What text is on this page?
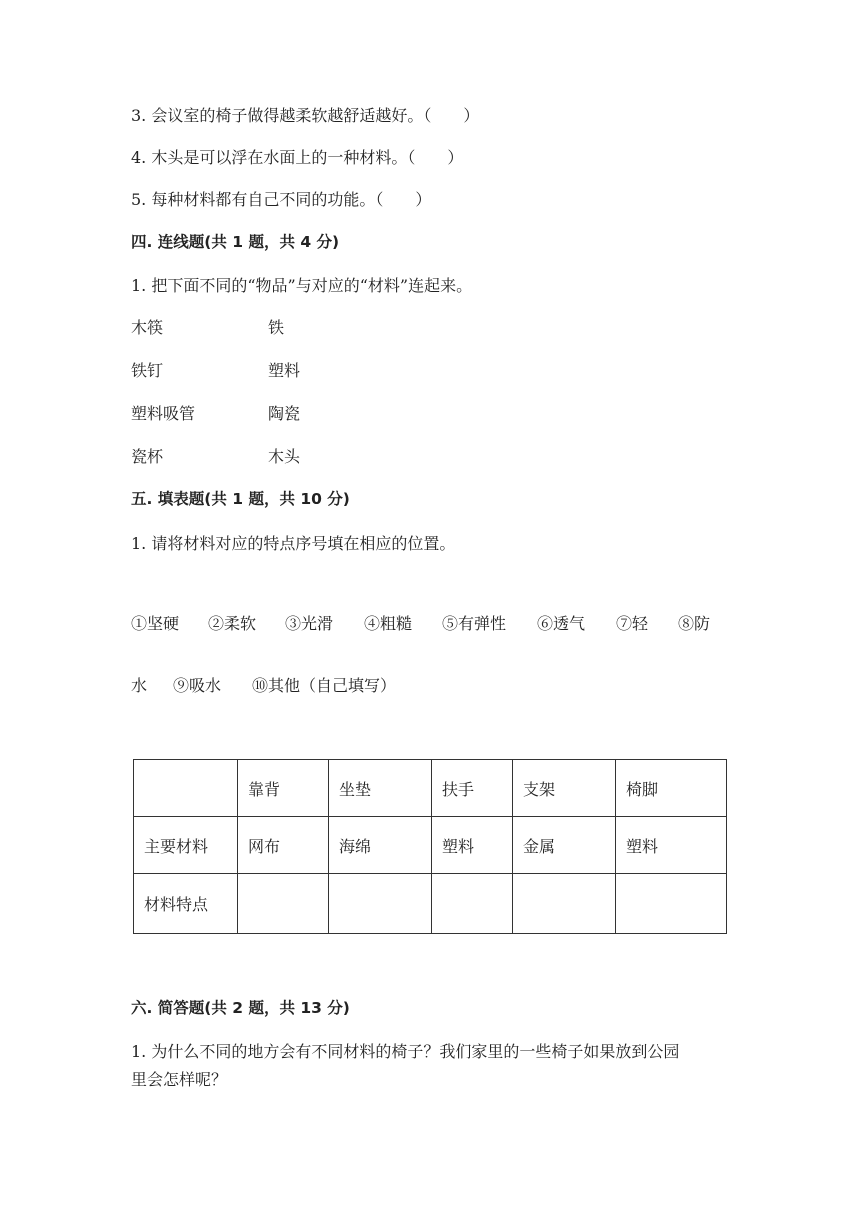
3. 会议室的椅子做得越柔软越舒适越好。（　　）
4. 木头是可以浮在水面上的一种材料。（　　）
5. 每种材料都有自己不同的功能。（　　）
四. 连线题(共 1 题，共 4 分)
1. 把下面不同的“物品”与对应的“材料”连起来。
木筷	铁
铁钉	塑料
塑料吸管	陶瓷
瓷杯	木头
五. 填表题(共 1 题，共 10 分)
1. 请将材料对应的特点序号填在相应的位置。
①坚硬 ②柔软 ③光滑 ④粗糙 ⑤有弹性 ⑥透气 ⑦轻 ⑧防
水 ⑨吸水 ⑩其他（自己填写）
	靠背	坐垫	扶手	支架	椅脚
主要材料	网布	海绵	塑料	金属	塑料
材料特点					
六. 简答题(共 2 题，共 13 分)
1. 为什么不同的地方会有不同材料的椅子？我们家里的一些椅子如果放到公园
里会怎样呢？
